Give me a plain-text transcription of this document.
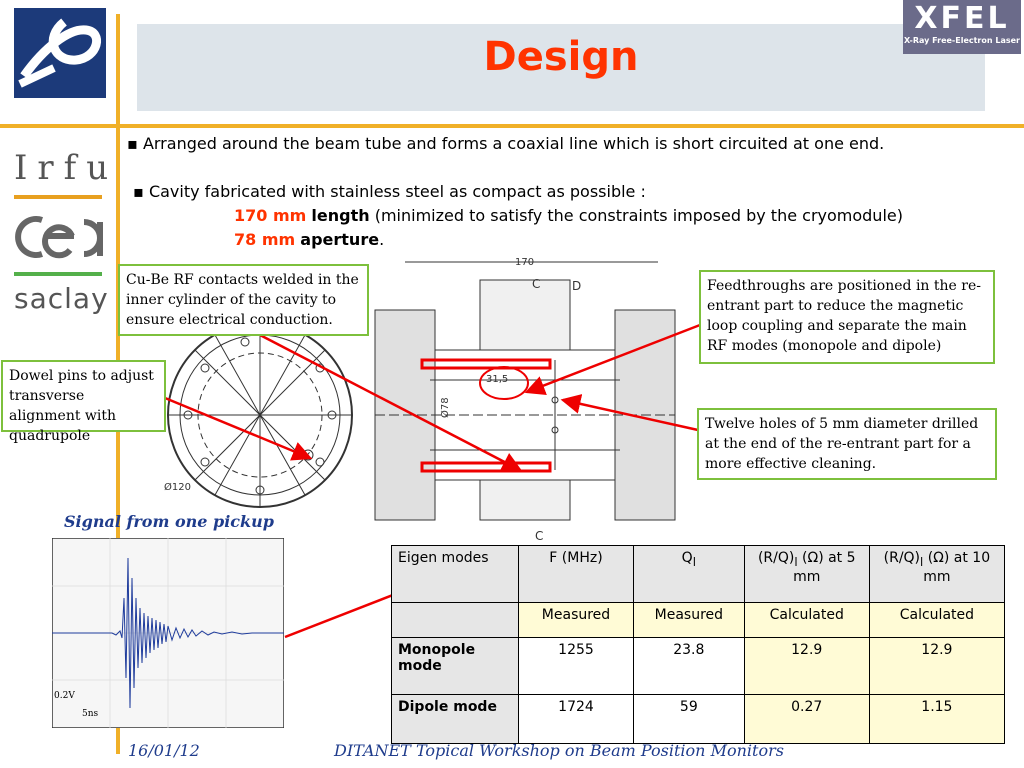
Design
XFEL
X-Ray Free-Electron Laser
Irfu
saclay
▪ Arranged around the beam tube and forms a coaxial line which is short circuited at one end.
▪ Cavity fabricated with stainless steel as compact as possible :
170 mm length (minimized to satisfy the constraints imposed by the cryomodule)
78 mm aperture.
Ø120
170
C	D
31,5
Ø78
C
0.2V
5ns
Signal from one pickup
Cu-Be RF contacts welded in the inner cylinder of the cavity to ensure electrical conduction.
Dowel pins to adjust transverse alignment with quadrupole
Feedthroughs are positioned in the re-entrant part to reduce the magnetic loop coupling and separate the main RF modes (monopole and dipole)
Twelve holes of 5 mm diameter drilled at the end of the re-entrant part for a more effective cleaning.
Eigen modes	F (MHz)	$Q_l$	$(R/Q)_l$ (Ω) at 5 mm	$(R/Q)_l$ (Ω) at 10 mm
	Measured	Measured	Calculated	Calculated
Monopole mode	1255	23.8	12.9	12.9
Dipole mode	1724	59	0.27	1.15
16/01/12	DITANET Topical Workshop on Beam Position Monitors
